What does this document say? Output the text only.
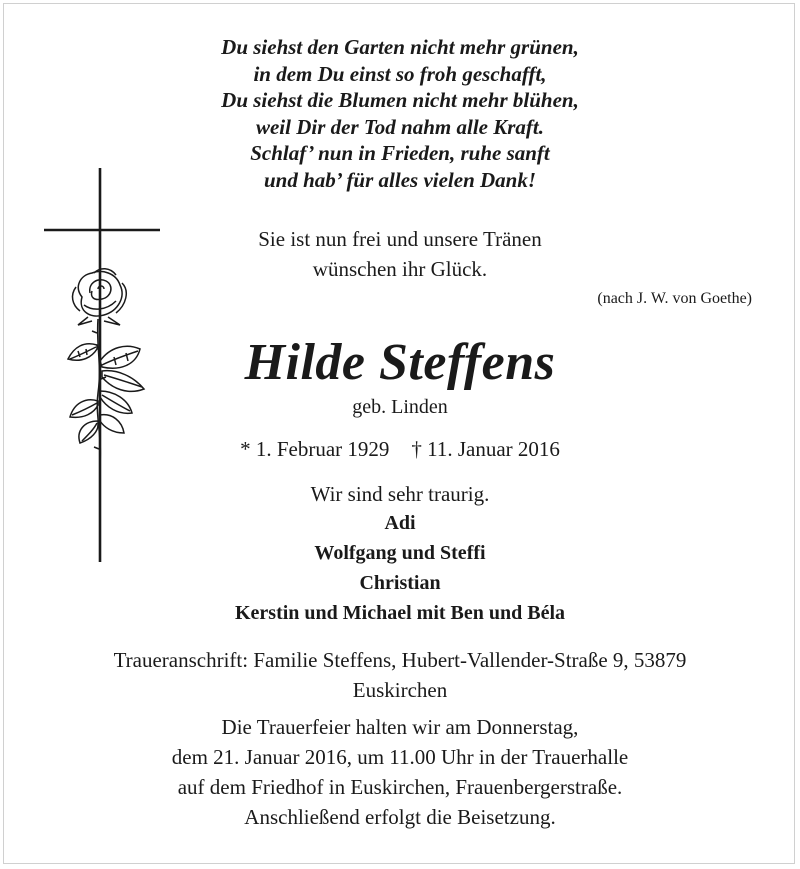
Du siehst den Garten nicht mehr grünen,
in dem Du einst so froh geschafft,
Du siehst die Blumen nicht mehr blühen,
weil Dir der Tod nahm alle Kraft.
Schlaf’ nun in Frieden, ruhe sanft
und hab’ für alles vielen Dank!
Sie ist nun frei und unsere Tränen
wünschen ihr Glück.
(nach J. W. von Goethe)
Hilde Steffens
geb. Linden
* 1. Februar 1929 † 11. Januar 2016
Wir sind sehr traurig.
Adi
Wolfgang und Steffi
Christian
Kerstin und Michael mit Ben und Béla
Traueranschrift: Familie Steffens, Hubert-Vallender-Straße 9, 53879
Euskirchen
Die Trauerfeier halten wir am Donnerstag,
dem 21. Januar 2016, um 11.00 Uhr in der Trauerhalle
auf dem Friedhof in Euskirchen, Frauenbergerstraße.
Anschließend erfolgt die Beisetzung.
